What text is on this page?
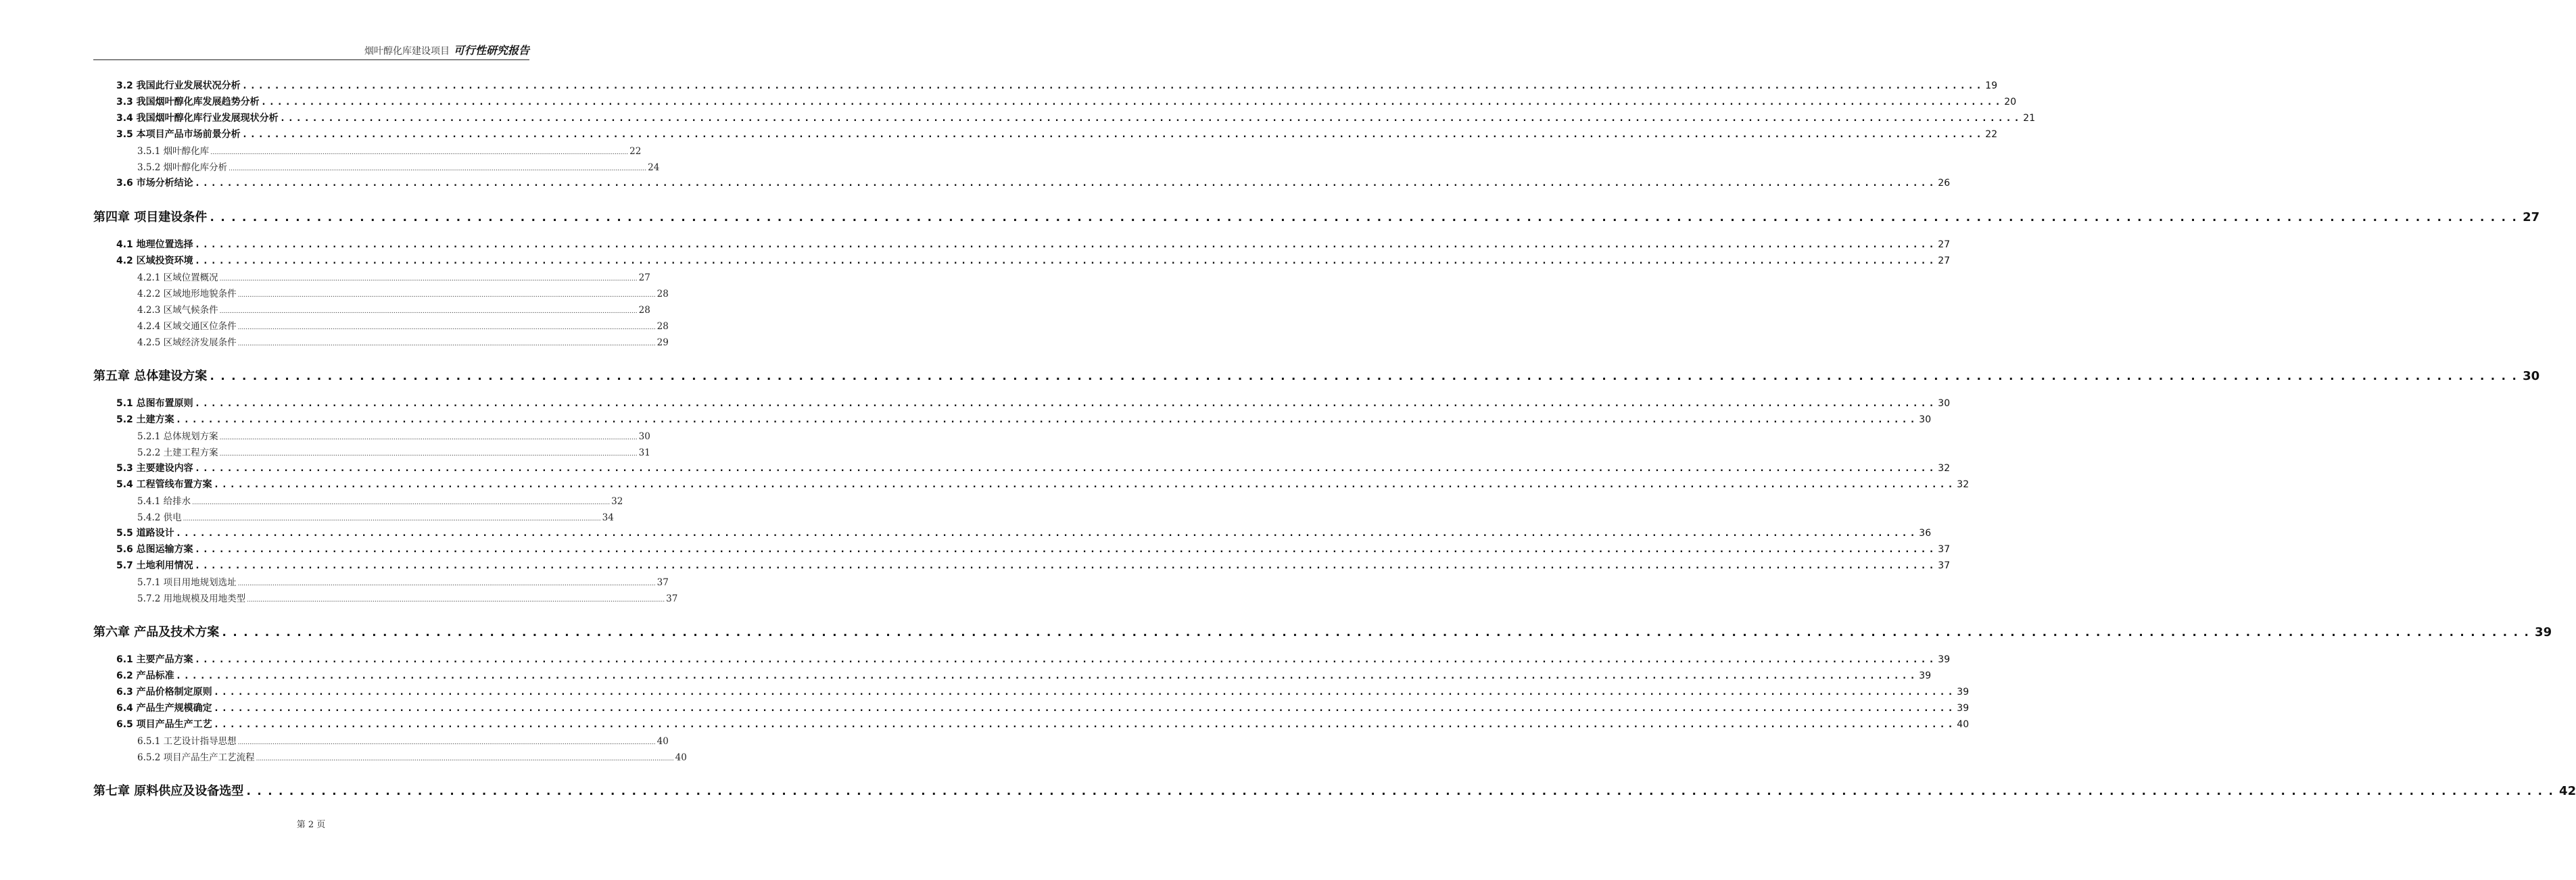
烟叶醇化库建设项目 可行性研究报告
3.2 我国此行业发展状况分析 ........................................................................................................................................................................................................................ 19
3.3 我国烟叶醇化库发展趋势分析 ........................................................................................................................................................................................................................ 20
3.4 我国烟叶醇化库行业发展现状分析 ........................................................................................................................................................................................................................ 21
3.5 本项目产品市场前景分析 ........................................................................................................................................................................................................................ 22
3.5.1 烟叶醇化库 ........................................................................................................................................................................................................................ 22
3.5.2 烟叶醇化库分析 ........................................................................................................................................................................................................................ 24
3.6 市场分析结论 ........................................................................................................................................................................................................................ 26
第四章 项目建设条件 ........................................................................................................................................................................................................................ 27
4.1 地理位置选择 ........................................................................................................................................................................................................................ 27
4.2 区域投资环境 ........................................................................................................................................................................................................................ 27
4.2.1 区域位置概况 ........................................................................................................................................................................................................................ 27
4.2.2 区域地形地貌条件 ........................................................................................................................................................................................................................ 28
4.2.3 区域气候条件 ........................................................................................................................................................................................................................ 28
4.2.4 区域交通区位条件 ........................................................................................................................................................................................................................ 28
4.2.5 区域经济发展条件 ........................................................................................................................................................................................................................ 29
第五章 总体建设方案 ........................................................................................................................................................................................................................ 30
5.1 总图布置原则 ........................................................................................................................................................................................................................ 30
5.2 土建方案 ........................................................................................................................................................................................................................ 30
5.2.1 总体规划方案 ........................................................................................................................................................................................................................ 30
5.2.2 土建工程方案 ........................................................................................................................................................................................................................ 31
5.3 主要建设内容 ........................................................................................................................................................................................................................ 32
5.4 工程管线布置方案 ........................................................................................................................................................................................................................ 32
5.4.1 给排水 ........................................................................................................................................................................................................................ 32
5.4.2 供电 ........................................................................................................................................................................................................................ 34
5.5 道路设计 ........................................................................................................................................................................................................................ 36
5.6 总图运输方案 ........................................................................................................................................................................................................................ 37
5.7 土地利用情况 ........................................................................................................................................................................................................................ 37
5.7.1 项目用地规划选址 ........................................................................................................................................................................................................................ 37
5.7.2 用地规模及用地类型 ........................................................................................................................................................................................................................ 37
第六章 产品及技术方案 ........................................................................................................................................................................................................................ 39
6.1 主要产品方案 ........................................................................................................................................................................................................................ 39
6.2 产品标准 ........................................................................................................................................................................................................................ 39
6.3 产品价格制定原则 ........................................................................................................................................................................................................................ 39
6.4 产品生产规模确定 ........................................................................................................................................................................................................................ 39
6.5 项目产品生产工艺 ........................................................................................................................................................................................................................ 40
6.5.1 工艺设计指导思想 ........................................................................................................................................................................................................................ 40
6.5.2 项目产品生产工艺流程 ........................................................................................................................................................................................................................ 40
第七章 原料供应及设备选型 ........................................................................................................................................................................................................................ 42
第 2 页
